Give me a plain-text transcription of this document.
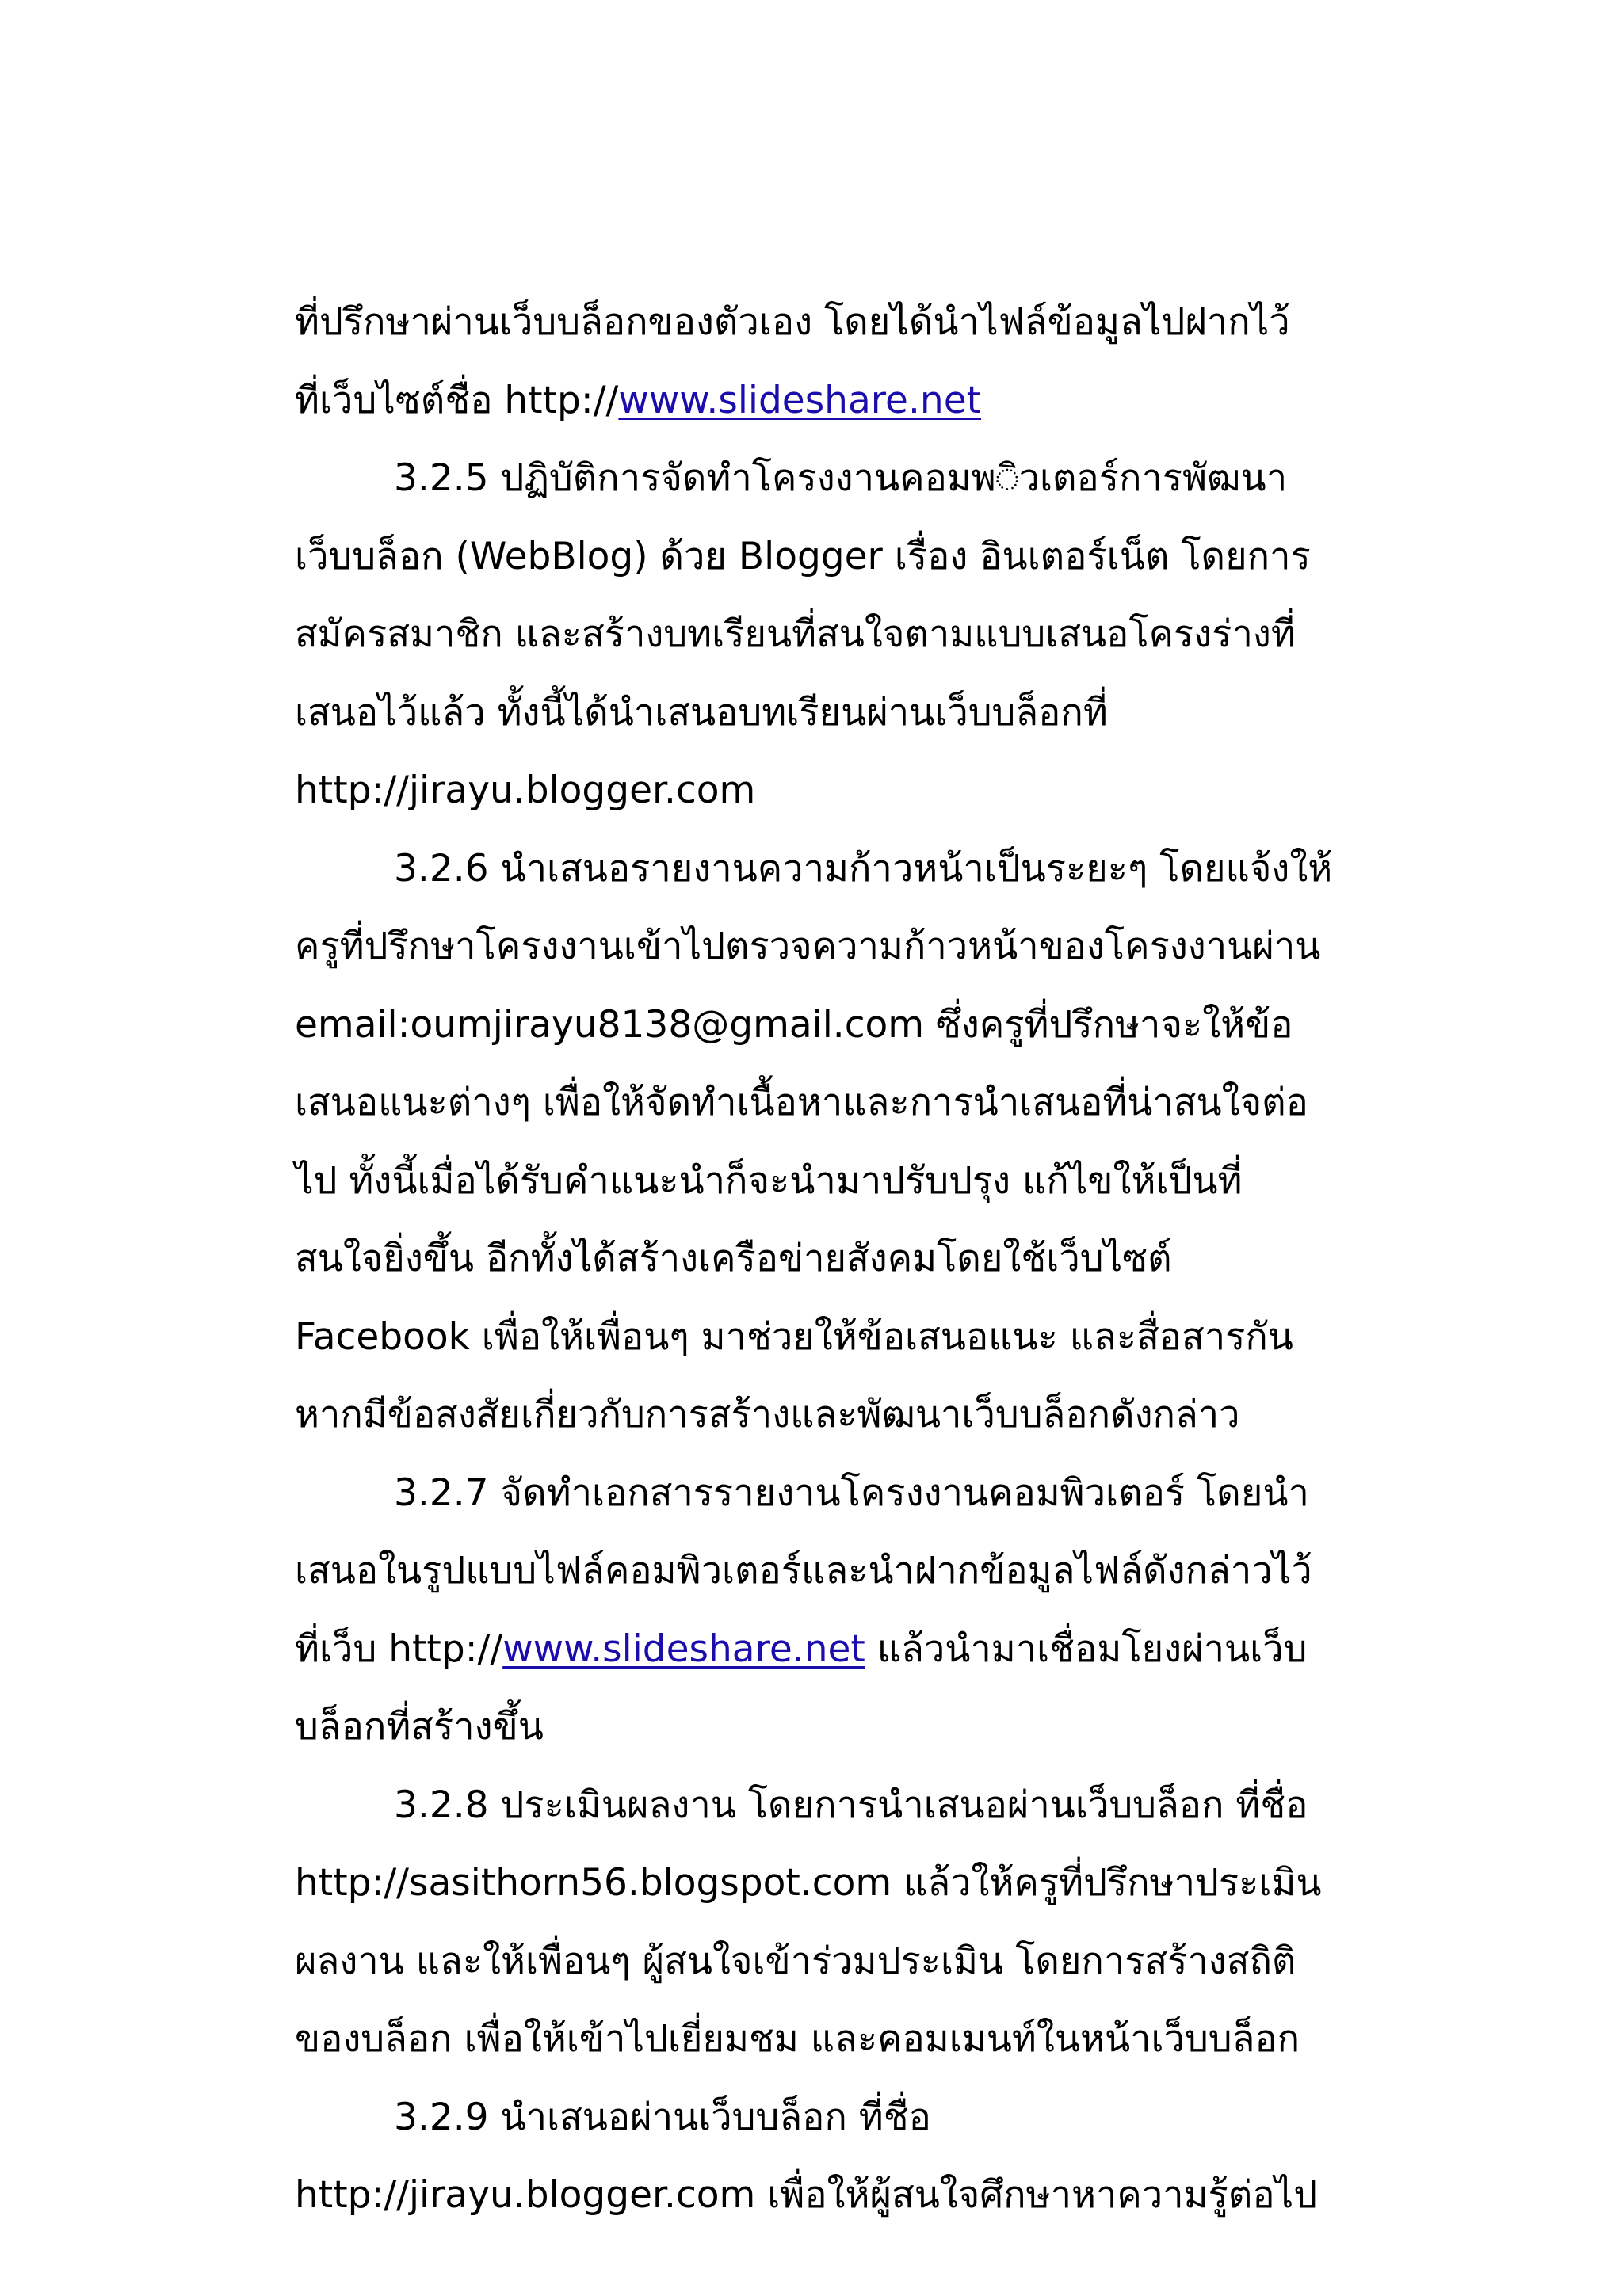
ที่ปรึกษาผ่านเว็บบล็อกของตัวเอง โดยได้นำไฟล์ข้อมูลไปฝากไว้
ที่เว็บไซต์ชื่อ http://www.slideshare.net
3.2.5 ปฏิบัติการจัดทำโครงงานคอมพ◌ิวเตอร์การพัฒนา
เว็บบล็อก (WebBlog) ด้วย Blogger เรื่อง อินเตอร์เน็ต โดยการ
สมัครสมาชิก และสร้างบทเรียนที่สนใจตามแบบเสนอโครงร่างที่
เสนอไว้แล้ว ทั้งนี้ได้นำเสนอบทเรียนผ่านเว็บบล็อกที่
http://jirayu.blogger.com
3.2.6 นำเสนอรายงานความก้าวหน้าเป็นระยะๆ โดยแจ้งให้
ครูที่ปรึกษาโครงงานเข้าไปตรวจความก้าวหน้าของโครงงานผ่าน
email:oumjirayu8138@gmail.com ซึ่งครูที่ปรึกษาจะให้ข้อ
เสนอแนะต่างๆ เพื่อให้จัดทำเนื้อหาและการนำเสนอที่น่าสนใจต่อ
ไป ทั้งนี้เมื่อได้รับคำแนะนำก็จะนำมาปรับปรุง แก้ไขให้เป็นที่
สนใจยิ่งขึ้น อีกทั้งได้สร้างเครือข่ายสังคมโดยใช้เว็บไซต์
Facebook เพื่อให้เพื่อนๆ มาช่วยให้ข้อเสนอแนะ และสื่อสารกัน
หากมีข้อสงสัยเกี่ยวกับการสร้างและพัฒนาเว็บบล็อกดังกล่าว
3.2.7 จัดทำเอกสารรายงานโครงงานคอมพิวเตอร์ โดยนำ
เสนอในรูปแบบไฟล์คอมพิวเตอร์และนำฝากข้อมูลไฟล์ดังกล่าวไว้
ที่เว็บ http://www.slideshare.net แล้วนำมาเชื่อมโยงผ่านเว็บ
บล็อกที่สร้างขึ้น
3.2.8 ประเมินผลงาน โดยการนำเสนอผ่านเว็บบล็อก ที่ชื่อ
http://sasithorn56.blogspot.com แล้วให้ครูที่ปรึกษาประเมิน
ผลงาน และให้เพื่อนๆ ผู้สนใจเข้าร่วมประเมิน โดยการสร้างสถิติ
ของบล็อก เพื่อให้เข้าไปเยี่ยมชม และคอมเมนท์ในหน้าเว็บบล็อก
3.2.9 นำเสนอผ่านเว็บบล็อก ที่ชื่อ
http://jirayu.blogger.com เพื่อให้ผู้สนใจศึกษาหาความรู้ต่อไป
